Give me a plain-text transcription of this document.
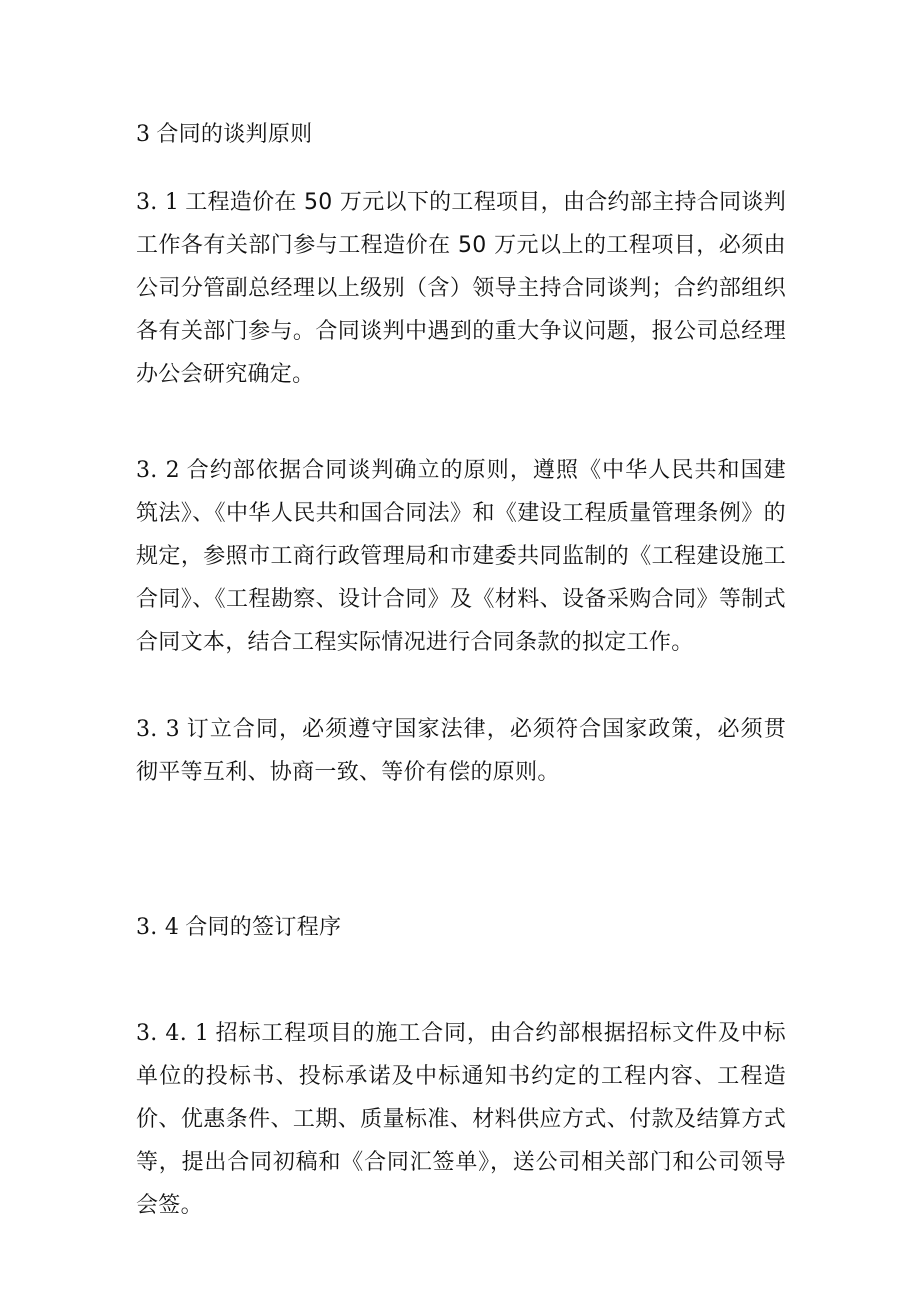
3 合同的谈判原则
3. 1 工程造价在 50 万元以下的工程项目，由合约部主持合同谈判工作各有关部门参与工程造价在 50 万元以上的工程项目，必须由公司分管副总经理以上级别（含）领导主持合同谈判；合约部组织各有关部门参与。合同谈判中遇到的重大争议问题，报公司总经理办公会研究确定。
3. 2 合约部依据合同谈判确立的原则，遵照《中华人民共和国建筑法》、《中华人民共和国合同法》和《建设工程质量管理条例》的规定，参照市工商行政管理局和市建委共同监制的《工程建设施工合同》、《工程勘察、设计合同》及《材料、设备采购合同》等制式合同文本，结合工程实际情况进行合同条款的拟定工作。
3. 3 订立合同，必须遵守国家法律，必须符合国家政策，必须贯彻平等互利、协商一致、等价有偿的原则。
3. 4 合同的签订程序
3. 4. 1 招标工程项目的施工合同，由合约部根据招标文件及中标单位的投标书、投标承诺及中标通知书约定的工程内容、工程造价、优惠条件、工期、质量标准、材料供应方式、付款及结算方式等，提出合同初稿和《合同汇签单》，送公司相关部门和公司领导会签。
